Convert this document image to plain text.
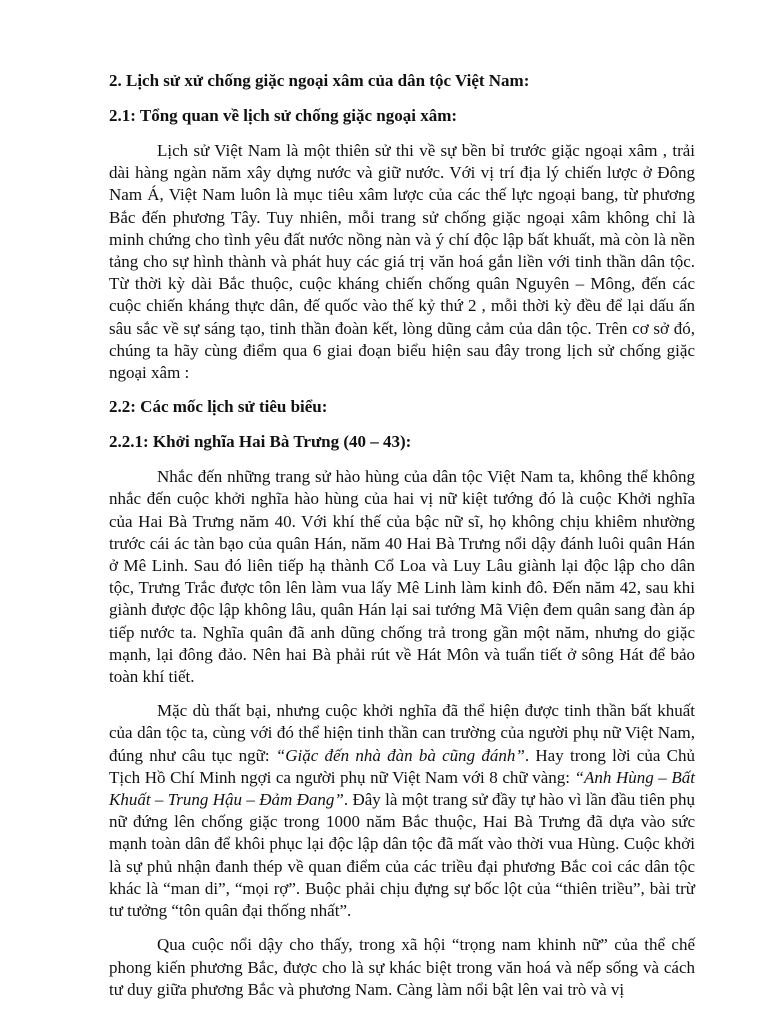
2. Lịch sử xử chống giặc ngoại xâm của dân tộc Việt Nam:
2.1: Tổng quan về lịch sử chống giặc ngoại xâm:

Lịch sử Việt Nam là một thiên sử thi về sự bền bỉ trước giặc ngoại xâm , trải dài hàng ngàn năm xây dựng nước và giữ nước. Với vị trí địa lý chiến lược ở Đông Nam Á, Việt Nam luôn là mục tiêu xâm lược của các thế lực ngoại bang, từ phương Bắc đến phương Tây. Tuy nhiên, mỗi trang sử chống giặc ngoại xâm không chỉ là minh chứng cho tình yêu đất nước nồng nàn và ý chí độc lập bất khuất, mà còn là nền tảng cho sự hình thành và phát huy các giá trị văn hoá gắn liền với tinh thần dân tộc. Từ thời kỳ dài Bắc thuộc, cuộc kháng chiến chống quân Nguyên – Mông, đến các cuộc chiến kháng thực dân, đế quốc vào thế kỷ thứ 2 , mỗi thời kỳ đều để lại dấu ấn sâu sắc về sự sáng tạo, tinh thần đoàn kết, lòng dũng cảm của dân tộc. Trên cơ sở đó, chúng ta hãy cùng điểm qua 6 giai đoạn biểu hiện sau đây trong lịch sử chống giặc ngoại xâm :

2.2: Các mốc lịch sử tiêu biểu:
2.2.1: Khởi nghĩa Hai Bà Trưng (40 – 43):

Nhắc đến những trang sử hào hùng của dân tộc Việt Nam ta, không thể không nhắc đến cuộc khởi nghĩa hào hùng của hai vị nữ kiệt tướng đó là cuộc Khởi nghĩa của Hai Bà Trưng năm 40. Với khí thế của bậc nữ sĩ, họ không chịu khiêm nhường trước cái ác tàn bạo của quân Hán, năm 40 Hai Bà Trưng nổi dậy đánh luôi quân Hán ở Mê Linh. Sau đó liên tiếp hạ thành Cổ Loa và Luy Lâu giành lại độc lập cho dân tộc, Trưng Trắc được tôn lên làm vua lấy Mê Linh làm kinh đô. Đến năm 42, sau khi giành được độc lập không lâu, quân Hán lại sai tướng Mã Viện đem quân sang đàn áp tiếp nước ta. Nghĩa quân đã anh dũng chống trả trong gần một năm, nhưng do giặc mạnh, lại đông đảo. Nên hai Bà phải rút về Hát Môn và tuẩn tiết ở sông Hát để bảo toàn khí tiết.

Mặc dù thất bại, nhưng cuộc khởi nghĩa đã thể hiện được tinh thần bất khuất của dân tộc ta, cùng với đó thể hiện tinh thần can trường của người phụ nữ Việt Nam, đúng như câu tục ngữ: “Giặc đến nhà đàn bà cũng đánh”. Hay trong lời của Chủ Tịch Hồ Chí Minh ngợi ca người phụ nữ Việt Nam với 8 chữ vàng: “Anh Hùng – Bất Khuất – Trung Hậu – Đảm Đang”. Đây là một trang sử đầy tự hào vì lần đầu tiên phụ nữ đứng lên chống giặc trong 1000 năm Bắc thuộc, Hai Bà Trưng đã dựa vào sức mạnh toàn dân để khôi phục lại độc lập dân tộc đã mất vào thời vua Hùng. Cuộc khởi là sự phủ nhận đanh thép về quan điểm của các triều đại phương Bắc coi các dân tộc khác là “man di”, “mọi rợ”. Buộc phải chịu đựng sự bốc lột của “thiên triều”, bài trừ tư tưởng “tôn quân đại thống nhất”.

Qua cuộc nổi dậy cho thấy, trong xã hội “trọng nam khinh nữ” của thể chế phong kiến phương Bắc, được cho là sự khác biệt trong văn hoá và nếp sống và cách tư duy giữa phương Bắc và phương Nam. Càng làm nổi bật lên vai trò và vị
